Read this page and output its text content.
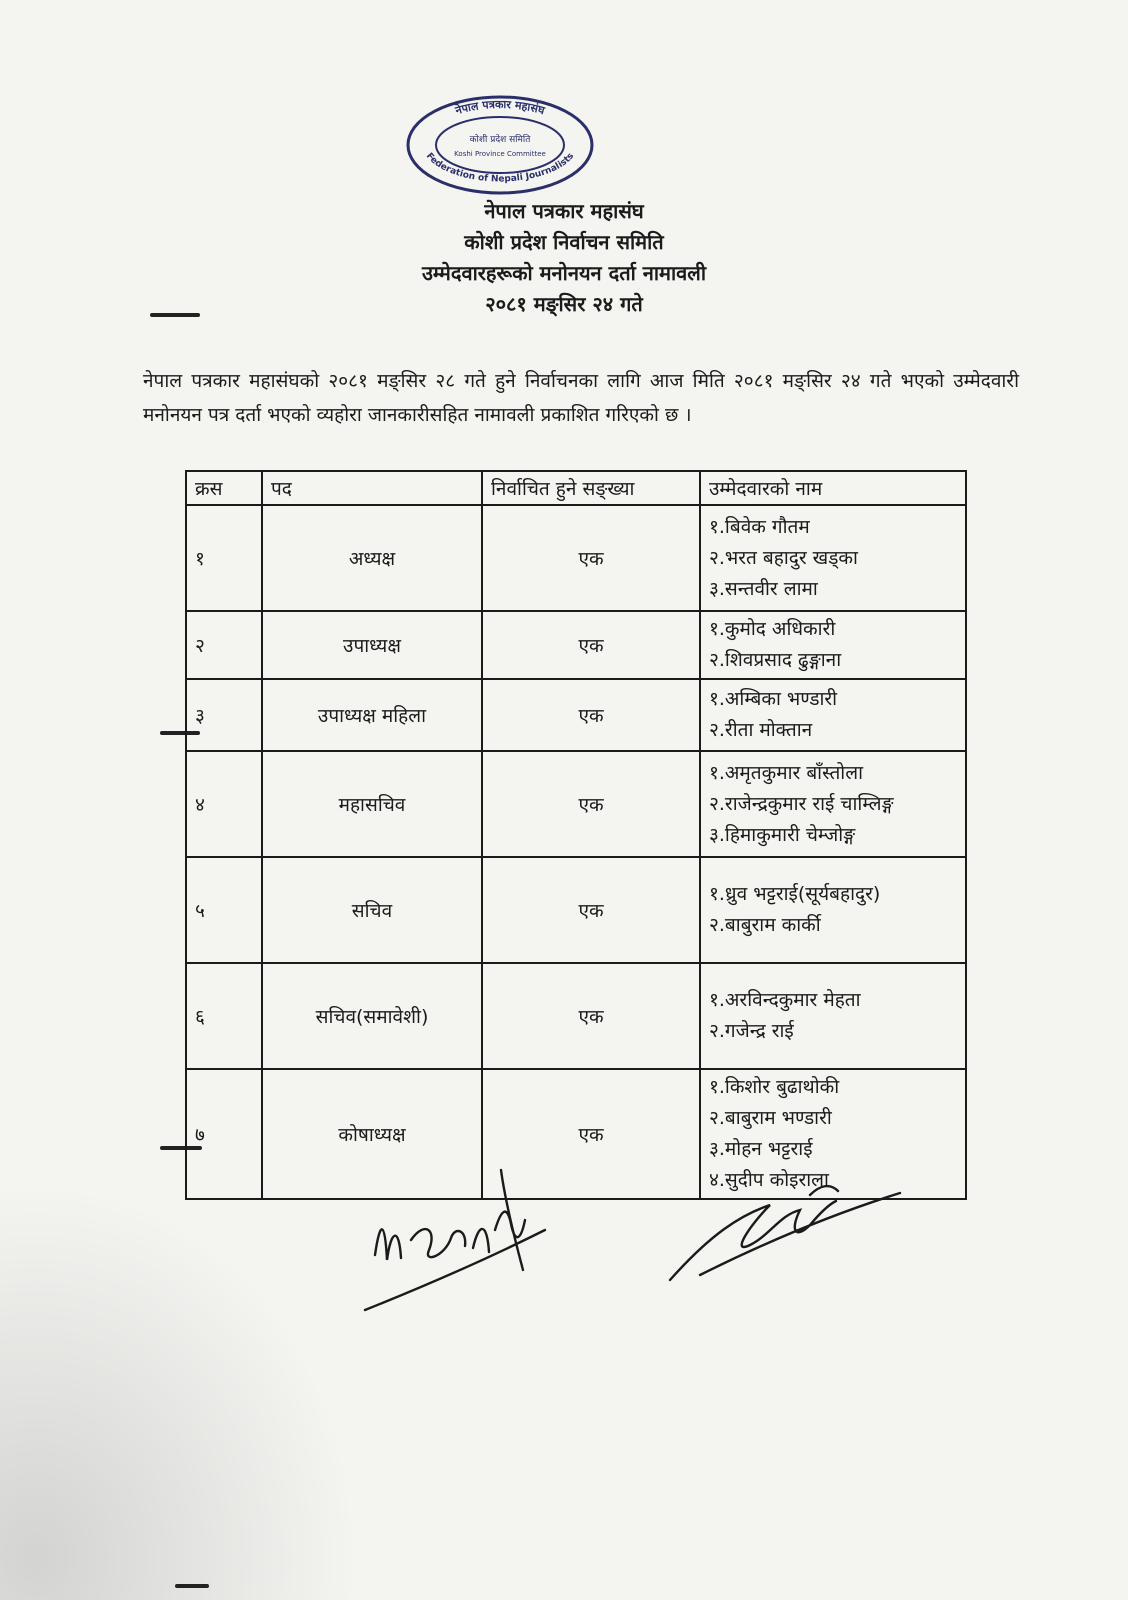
नेपाल पत्रकार महासंघ
Federation of Nepali Journalists
कोशी प्रदेश समिति
Koshi Province Committee
नेपाल पत्रकार महासंघ
कोशी प्रदेश निर्वाचन समिति
उम्मेदवारहरूको मनोनयन दर्ता नामावली
२०८१ मङ्सिर २४ गते

नेपाल पत्रकार महासंघको २०८१ मङ्सिर २८ गते हुने निर्वाचनका लागि आज मिति २०८१ मङ्सिर २४ गते भएको उम्मेदवारी मनोनयन पत्र दर्ता भएको व्यहोरा जानकारीसहित नामावली प्रकाशित गरिएको छ ।

क्रस	पद	निर्वाचित हुने सङ्ख्या	उम्मेदवारको नाम
१	अध्यक्ष	एक	१.बिवेक गौतम
२.भरत बहादुर खड्का
३.सन्तवीर लामा

२	उपाध्यक्ष	एक	१.कुमोद अधिकारी
२.शिवप्रसाद ढुङ्गाना

३	उपाध्यक्ष महिला	एक	१.अम्बिका भण्डारी
२.रीता मोक्तान

४	महासचिव	एक	१.अमृतकुमार बाँस्तोला
२.राजेन्द्रकुमार राई चाम्लिङ्ग
३.हिमाकुमारी चेम्जोङ्ग

५	सचिव	एक	१.ध्रुव भट्टराई(सूर्यबहादुर)
२.बाबुराम कार्की

६	सचिव(समावेशी)	एक	१.अरविन्दकुमार मेहता
२.गजेन्द्र राई

७	कोषाध्यक्ष	एक	१.किशोर बुढाथोकी
२.बाबुराम भण्डारी
३.मोहन भट्टराई
४.सुदीप कोइराला
